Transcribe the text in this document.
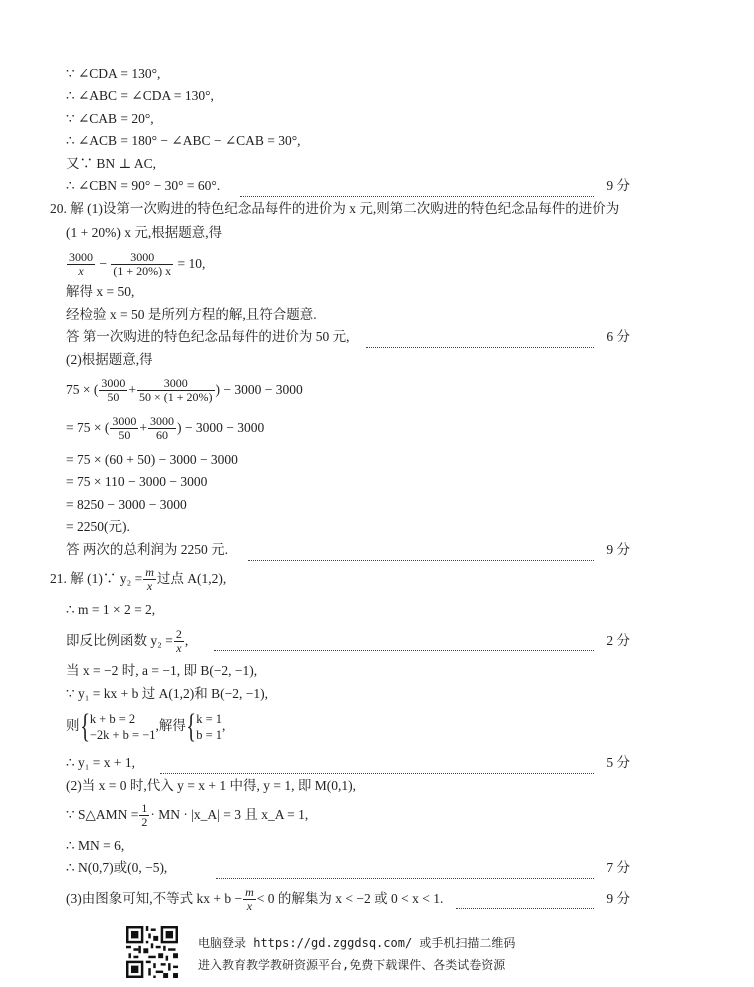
∵ ∠CDA = 130°,
∴ ∠ABC = ∠CDA = 130°,
∵ ∠CAB = 20°,
∴ ∠ACB = 180° − ∠ABC − ∠CAB = 30°,
又∵ BN ⊥ AC,
∴ ∠CBN = 90° − 30° = 60°.	9 分
20. 解 (1)设第一次购进的特色纪念品每件的进价为 x 元,则第二次购进的特色纪念品每件的进价为
(1 + 20%) x 元,根据题意,得
$\frac{3000}{x} - \frac{3000}{(1 + 20\%) x} = 10$,
解得 x = 50,
经检验 x = 50 是所列方程的解,且符合题意.
答 第一次购进的特色纪念品每件的进价为 50 元,	6 分
(2)根据题意,得
75 × ( $\frac{3000}{50} + \frac{3000}{50 \times (1 + 20\%)}$ ) − 3000 − 3000
= 75 × ( $\frac{3000}{50} + \frac{3000}{60}$ ) − 3000 − 3000
= 75 × (60 + 50) − 3000 − 3000
= 75 × 110 − 3000 − 3000
= 8250 − 3000 − 3000
= 2250(元).
答 两次的总利润为 2250 元.	9 分
21. 解 (1)∵ $y_2 = \frac{m}{x}$ 过点 A(1,2),
∴ m = 1 × 2 = 2,
即反比例函数 $y_2 = \frac{2}{x}$ ,	2 分
当 x = −2 时, a = −1, 即 B(−2, −1),
∵ y₁ = kx + b 过 A(1,2)和 B(−2, −1),
则{ k + b = 2
−2k + b = −1
,解得{ k = 1
b = 1
,
∴ y₁ = x + 1,	5 分
(2)当 x = 0 时,代入 y = x + 1 中得, y = 1, 即 M(0,1),
∵ S△AMN = $\frac{1}{2}$ · MN · |x_A| = 3 且 x_A = 1,
∴ MN = 6,
∴ N(0,7)或(0, −5),	7 分
(3)由图象可知,不等式 kx + $b - \frac{m}{x} < 0$ 的解集为 x < −2 或 0 < x < 1.	9 分
电脑登录 https://gd.zggdsq.com/ 或手机扫描二维码
进入教育教学教研资源平台,免费下载课件、各类试卷资源
